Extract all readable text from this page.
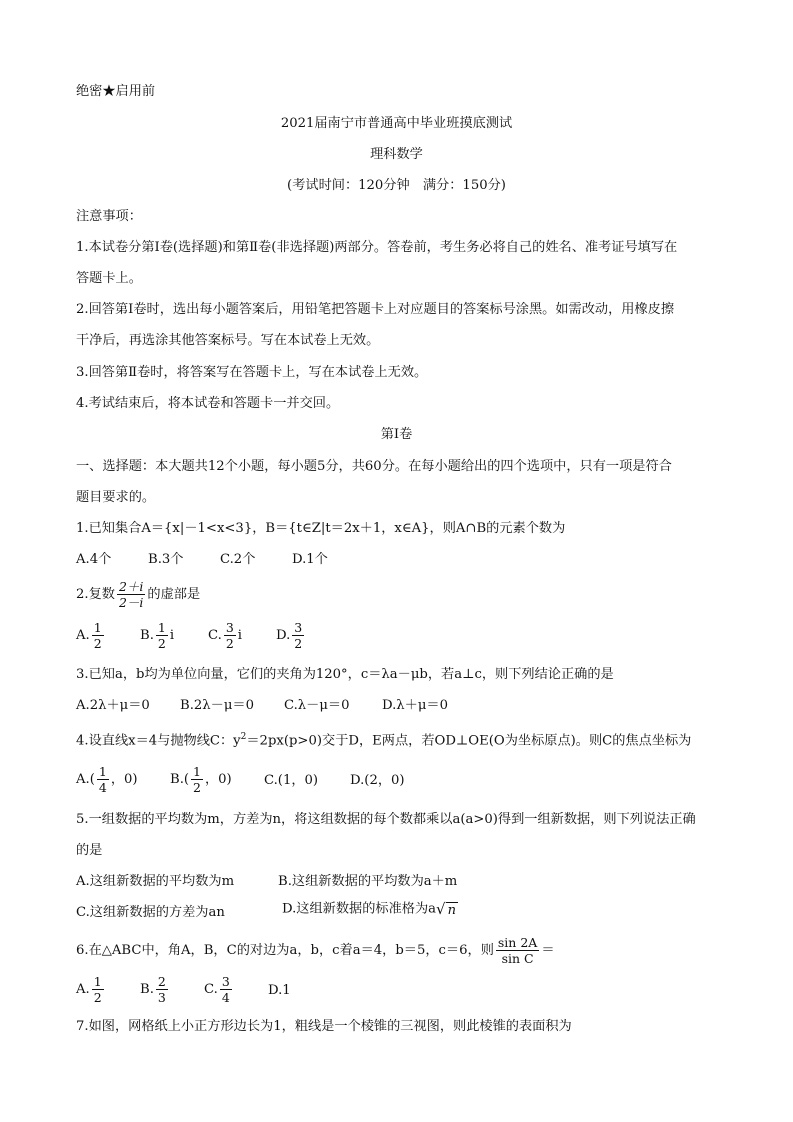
绝密★启用前
2021届南宁市普通高中毕业班摸底测试
理科数学
(考试时间：120分钟　满分：150分)
注意事项：
1.本试卷分第Ⅰ卷(选择题)和第Ⅱ卷(非选择题)两部分。答卷前，考生务必将自己的姓名、准考证号填写在
答题卡上。
2.回答第Ⅰ卷时，选出每小题答案后，用铅笔把答题卡上对应题目的答案标号涂黑。如需改动，用橡皮擦
干净后，再选涂其他答案标号。写在本试卷上无效。
3.回答第Ⅱ卷时，将答案写在答题卡上，写在本试卷上无效。
4.考试结束后，将本试卷和答题卡一并交回。
第Ⅰ卷
一、选择题：本大题共12个小题，每小题5分，共60分。在每小题给出的四个选项中，只有一项是符合
题目要求的。
1.已知集合A＝{x|－1<x<3}，B＝{t∈Z|t＝2x＋1，x∈A}，则A∩B的元素个数为
A.4个	B.3个	C.2个	D.1个
2.复数 $\frac{2+i}{2-i}$ 的虚部是
A. $\frac{1}{2}$	B. $\frac{1}{2}$ i	C. $\frac{3}{2}$ i	D. $\frac{3}{2}$
3.已知a，b均为单位向量，它们的夹角为120°，c＝λa－μb，若a⊥c，则下列结论正确的是
A.2λ＋μ＝0 B.2λ－μ＝0 C.λ－μ＝0 D.λ＋μ＝0
4.设直线x＝4与抛物线C：$y^2=2px(p>0)$交于D，E两点，若OD⊥OE(O为坐标原点)。则C的焦点坐标为
$A.( \frac{1}{4}$ ，0) $B.( \frac{1}{2}$ ，0) C.(1，0) D.(2，0)
5.一组数据的平均数为m，方差为n，将这组数据的每个数都乘以a(a>0)得到一组新数据，则下列说法正确
的是
A.这组新数据的平均数为m	B.这组新数据的平均数为a＋m
C.这组新数据的方差为an	D.这组新数据的标准格为a √ n
6.在△ABC中，角A，B，C的对边为a，b，c着a＝4，b＝5，c＝6，则 $\frac{\sin 2A}{\text{sin C}}$ ＝
A. $\frac{1}{2}$	B. $\frac{2}{3}$	C. $\frac{3}{4}$	D.1
7.如图，网格纸上小正方形边长为1，粗线是一个棱锥的三视图，则此棱锥的表面积为
